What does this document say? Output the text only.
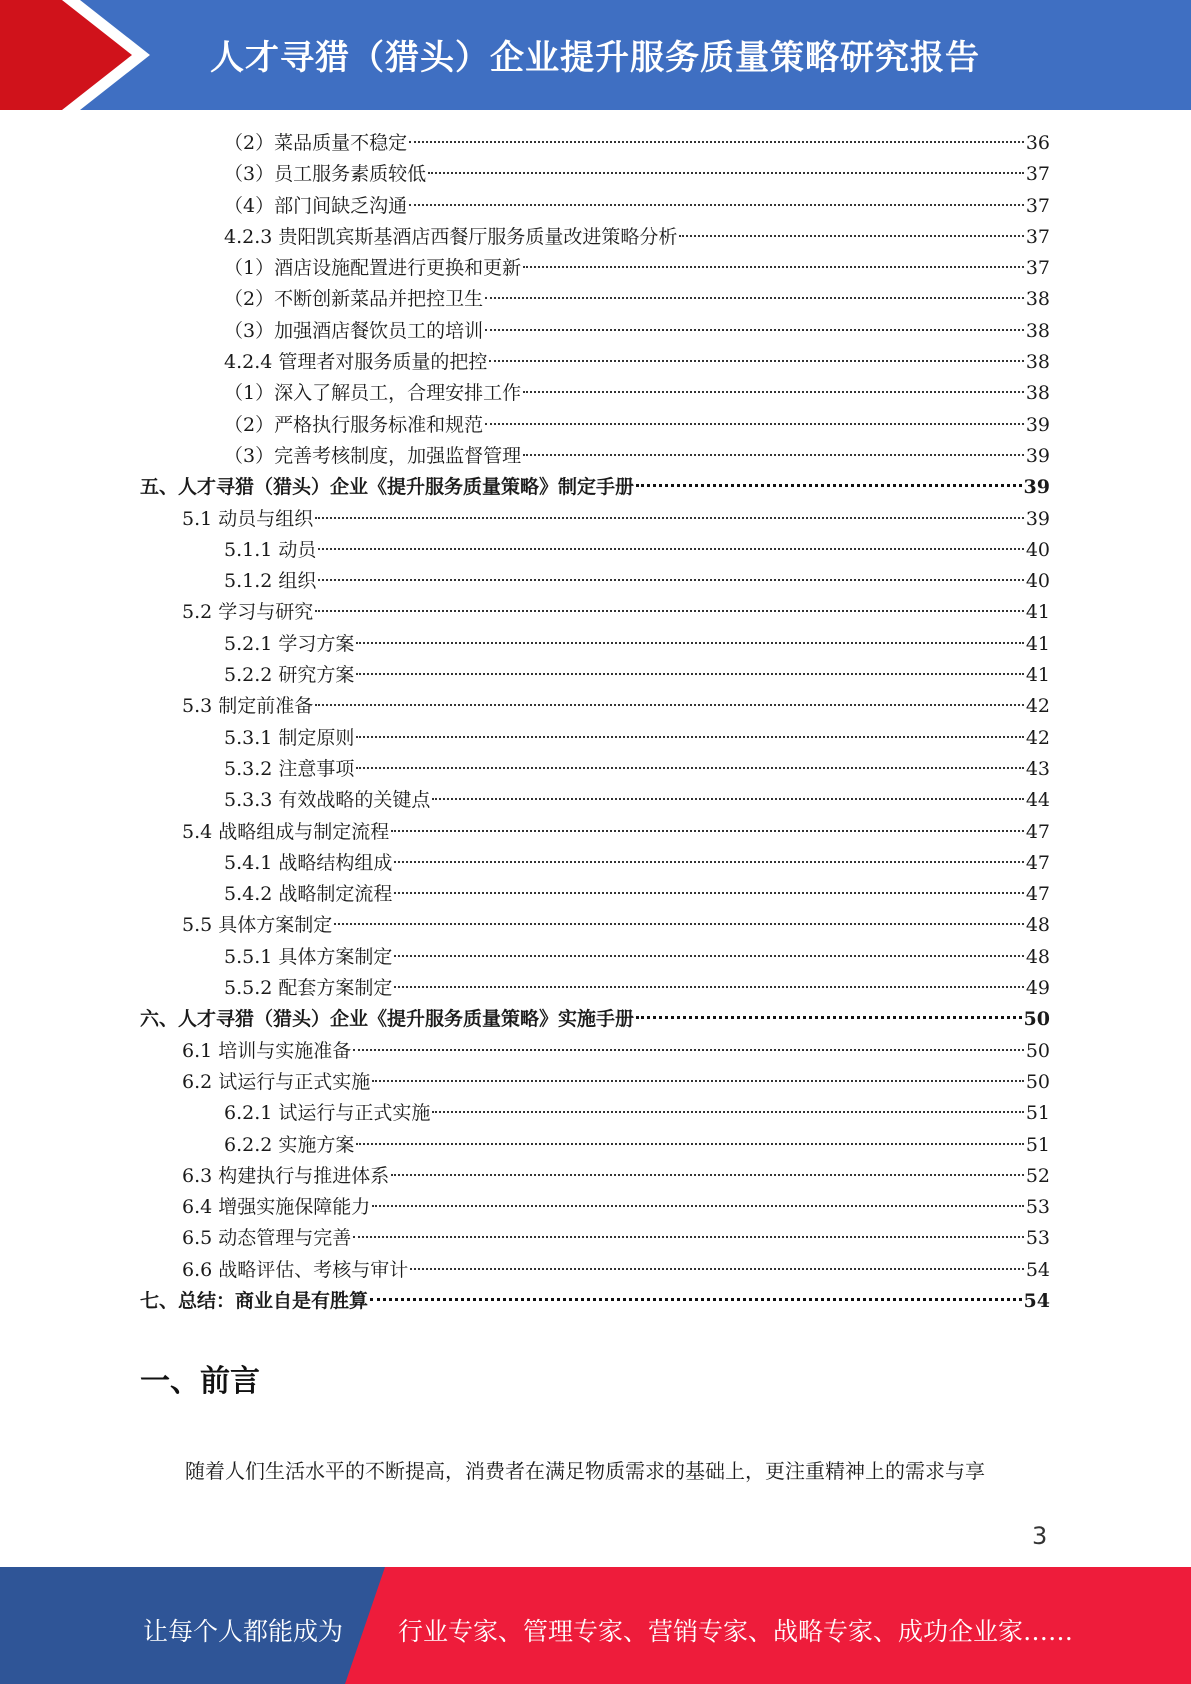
人才寻猎（猎头）企业提升服务质量策略研究报告
（2）菜品质量不稳定	36
（3）员工服务素质较低	37
（4）部门间缺乏沟通	37
4.2.3 贵阳凯宾斯基酒店西餐厅服务质量改进策略分析	37
（1）酒店设施配置进行更换和更新	37
（2）不断创新菜品并把控卫生	38
（3）加强酒店餐饮员工的培训	38
4.2.4 管理者对服务质量的把控	38
（1）深入了解员工，合理安排工作	38
（2）严格执行服务标准和规范	39
（3）完善考核制度，加强监督管理	39
五、人才寻猎（猎头）企业《提升服务质量策略》制定手册	39
5.1 动员与组织	39
5.1.1 动员	40
5.1.2 组织	40
5.2 学习与研究	41
5.2.1 学习方案	41
5.2.2 研究方案	41
5.3 制定前准备	42
5.3.1 制定原则	42
5.3.2 注意事项	43
5.3.3 有效战略的关键点	44
5.4 战略组成与制定流程	47
5.4.1 战略结构组成	47
5.4.2 战略制定流程	47
5.5 具体方案制定	48
5.5.1 具体方案制定	48
5.5.2 配套方案制定	49
六、人才寻猎（猎头）企业《提升服务质量策略》实施手册	50
6.1 培训与实施准备	50
6.2 试运行与正式实施	50
6.2.1 试运行与正式实施	51
6.2.2 实施方案	51
6.3 构建执行与推进体系	52
6.4 增强实施保障能力	53
6.5 动态管理与完善	53
6.6 战略评估、考核与审计	54
七、总结：商业自是有胜算	54
一、前言
随着人们生活水平的不断提高，消费者在满足物质需求的基础上，更注重精神上的需求与享
3
让每个人都能成为 行业专家、管理专家、营销专家、战略专家、成功企业家……
